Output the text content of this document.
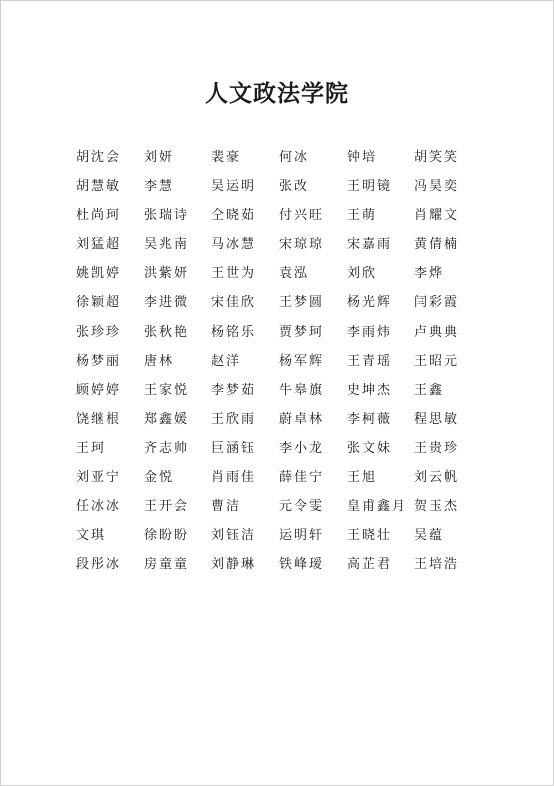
人文政法学院
胡沈会 刘妍	裴豪	何冰	钟培	胡笑笑
胡慧敏 李慧	吴运明 张改	王明镜 冯昊奕
杜尚珂 张瑞诗 仝晓茹 付兴旺 王萌	肖耀文
刘猛超 吴兆南 马冰慧 宋琼琼 宋嘉雨 黄倩楠
姚凯婷 洪紫妍 王世为 袁泓	刘欣	李烨
徐颖超 李进微 宋佳欣 王梦圆 杨光辉 闫彩霞
张珍珍 张秋艳 杨铭乐 贾梦珂 李雨炜 卢典典
杨梦丽 唐林	赵洋	杨军辉 王青瑶 王昭元
顾婷婷 王家悦 李梦茹 牛皋旗 史坤杰 王鑫
饶继根 郑鑫媛 王欣雨 蔚卓林 李柯薇 程思敏
王珂	齐志帅 巨涵钰 李小龙 张文妹 王贵珍
刘亚宁 金悦	肖雨佳 薛佳宁 王旭	刘云帆
任冰冰 王开会 曹洁	元令雯 皇甫鑫月 贺玉杰
文琪	徐盼盼 刘钰洁 运明轩 王晓壮 吴蕴
段彤冰 房童童 刘静琳 铁峰瑷 高芷君 王培浩
